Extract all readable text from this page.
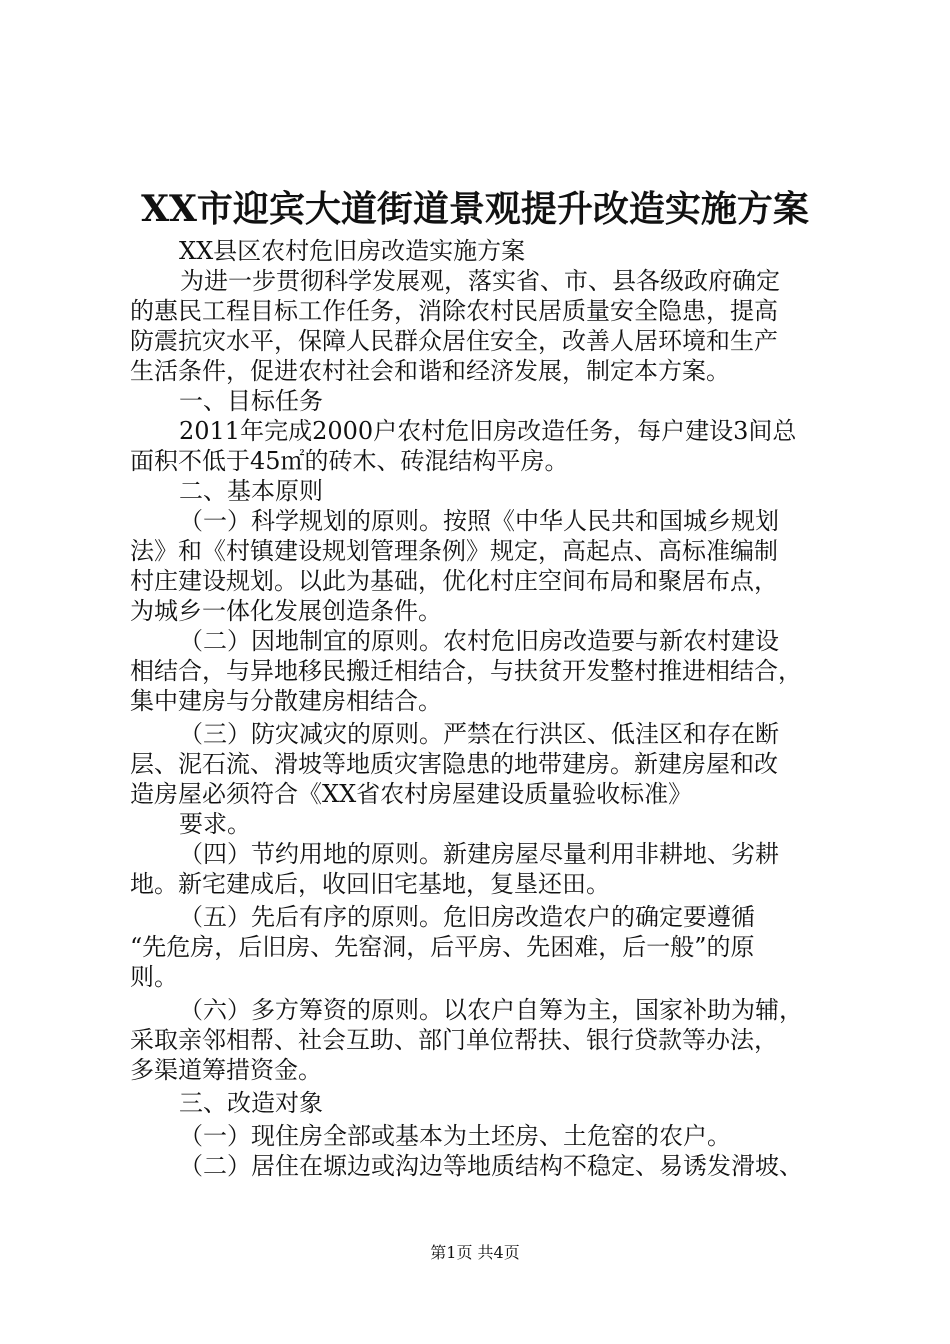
XX市迎宾大道街道景观提升改造实施方案
XX县区农村危旧房改造实施方案
为进一步贯彻科学发展观，落实省、市、县各级政府确定
的惠民工程目标工作任务，消除农村民居质量安全隐患，提高
防震抗灾水平，保障人民群众居住安全，改善人居环境和生产
生活条件，促进农村社会和谐和经济发展，制定本方案。
一、目标任务
2011年完成2000户农村危旧房改造任务，每户建设3间总
面积不低于45㎡的砖木、砖混结构平房。
二、基本原则
（一）科学规划的原则。按照《中华人民共和国城乡规划
法》和《村镇建设规划管理条例》规定，高起点、高标准编制
村庄建设规划。以此为基础，优化村庄空间布局和聚居布点，
为城乡一体化发展创造条件。
（二）因地制宜的原则。农村危旧房改造要与新农村建设
相结合，与异地移民搬迁相结合，与扶贫开发整村推进相结合，
集中建房与分散建房相结合。
（三）防灾减灾的原则。严禁在行洪区、低洼区和存在断
层、泥石流、滑坡等地质灾害隐患的地带建房。新建房屋和改
造房屋必须符合《XX省农村房屋建设质量验收标准》
要求。
（四）节约用地的原则。新建房屋尽量利用非耕地、劣耕
地。新宅建成后，收回旧宅基地，复垦还田。
（五）先后有序的原则。危旧房改造农户的确定要遵循
“先危房，后旧房、先窑洞，后平房、先困难，后一般”的原
则。
（六）多方筹资的原则。以农户自筹为主，国家补助为辅，
采取亲邻相帮、社会互助、部门单位帮扶、银行贷款等办法，
多渠道筹措资金。
三、改造对象
（一）现住房全部或基本为土坯房、土危窑的农户。
（二）居住在塬边或沟边等地质结构不稳定、易诱发滑坡、
第1页 共4页
